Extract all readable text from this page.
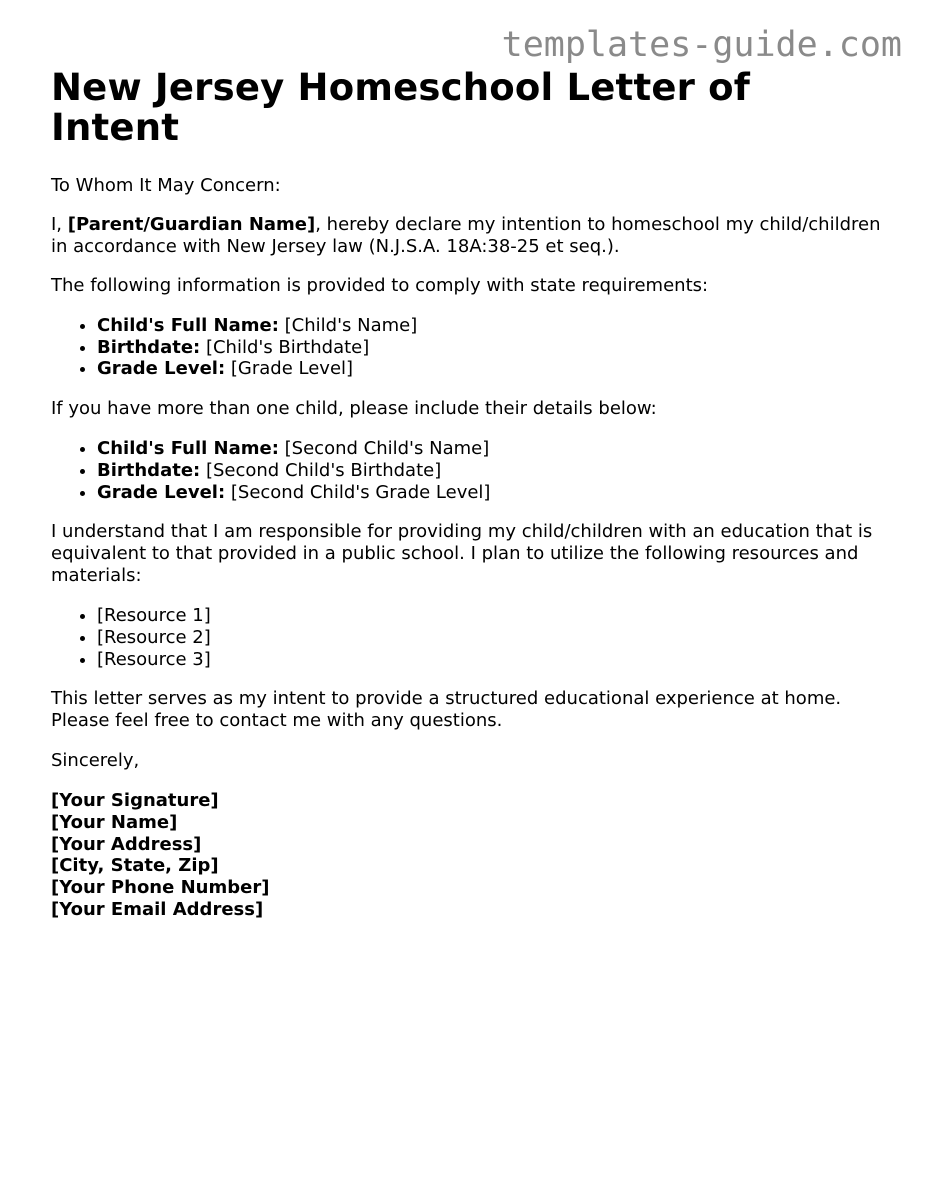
templates-guide.com
New Jersey Homeschool Letter of Intent

To Whom It May Concern:

I, [Parent/Guardian Name], hereby declare my intention to homeschool my child/children in accordance with New Jersey law (N.J.S.A. 18A:38-25 et seq.).

The following information is provided to comply with state requirements:

• Child's Full Name: [Child's Name]
• Birthdate: [Child's Birthdate]
• Grade Level: [Grade Level]

If you have more than one child, please include their details below:

• Child's Full Name: [Second Child's Name]
• Birthdate: [Second Child's Birthdate]
• Grade Level: [Second Child's Grade Level]

I understand that I am responsible for providing my child/children with an education that is equivalent to that provided in a public school. I plan to utilize the following resources and materials:

• [Resource 1]
• [Resource 2]
• [Resource 3]

This letter serves as my intent to provide a structured educational experience at home. Please feel free to contact me with any questions.

Sincerely,

[Your Signature]

[Your Name]

[Your Address]

[City, State, Zip]

[Your Phone Number]

[Your Email Address]
